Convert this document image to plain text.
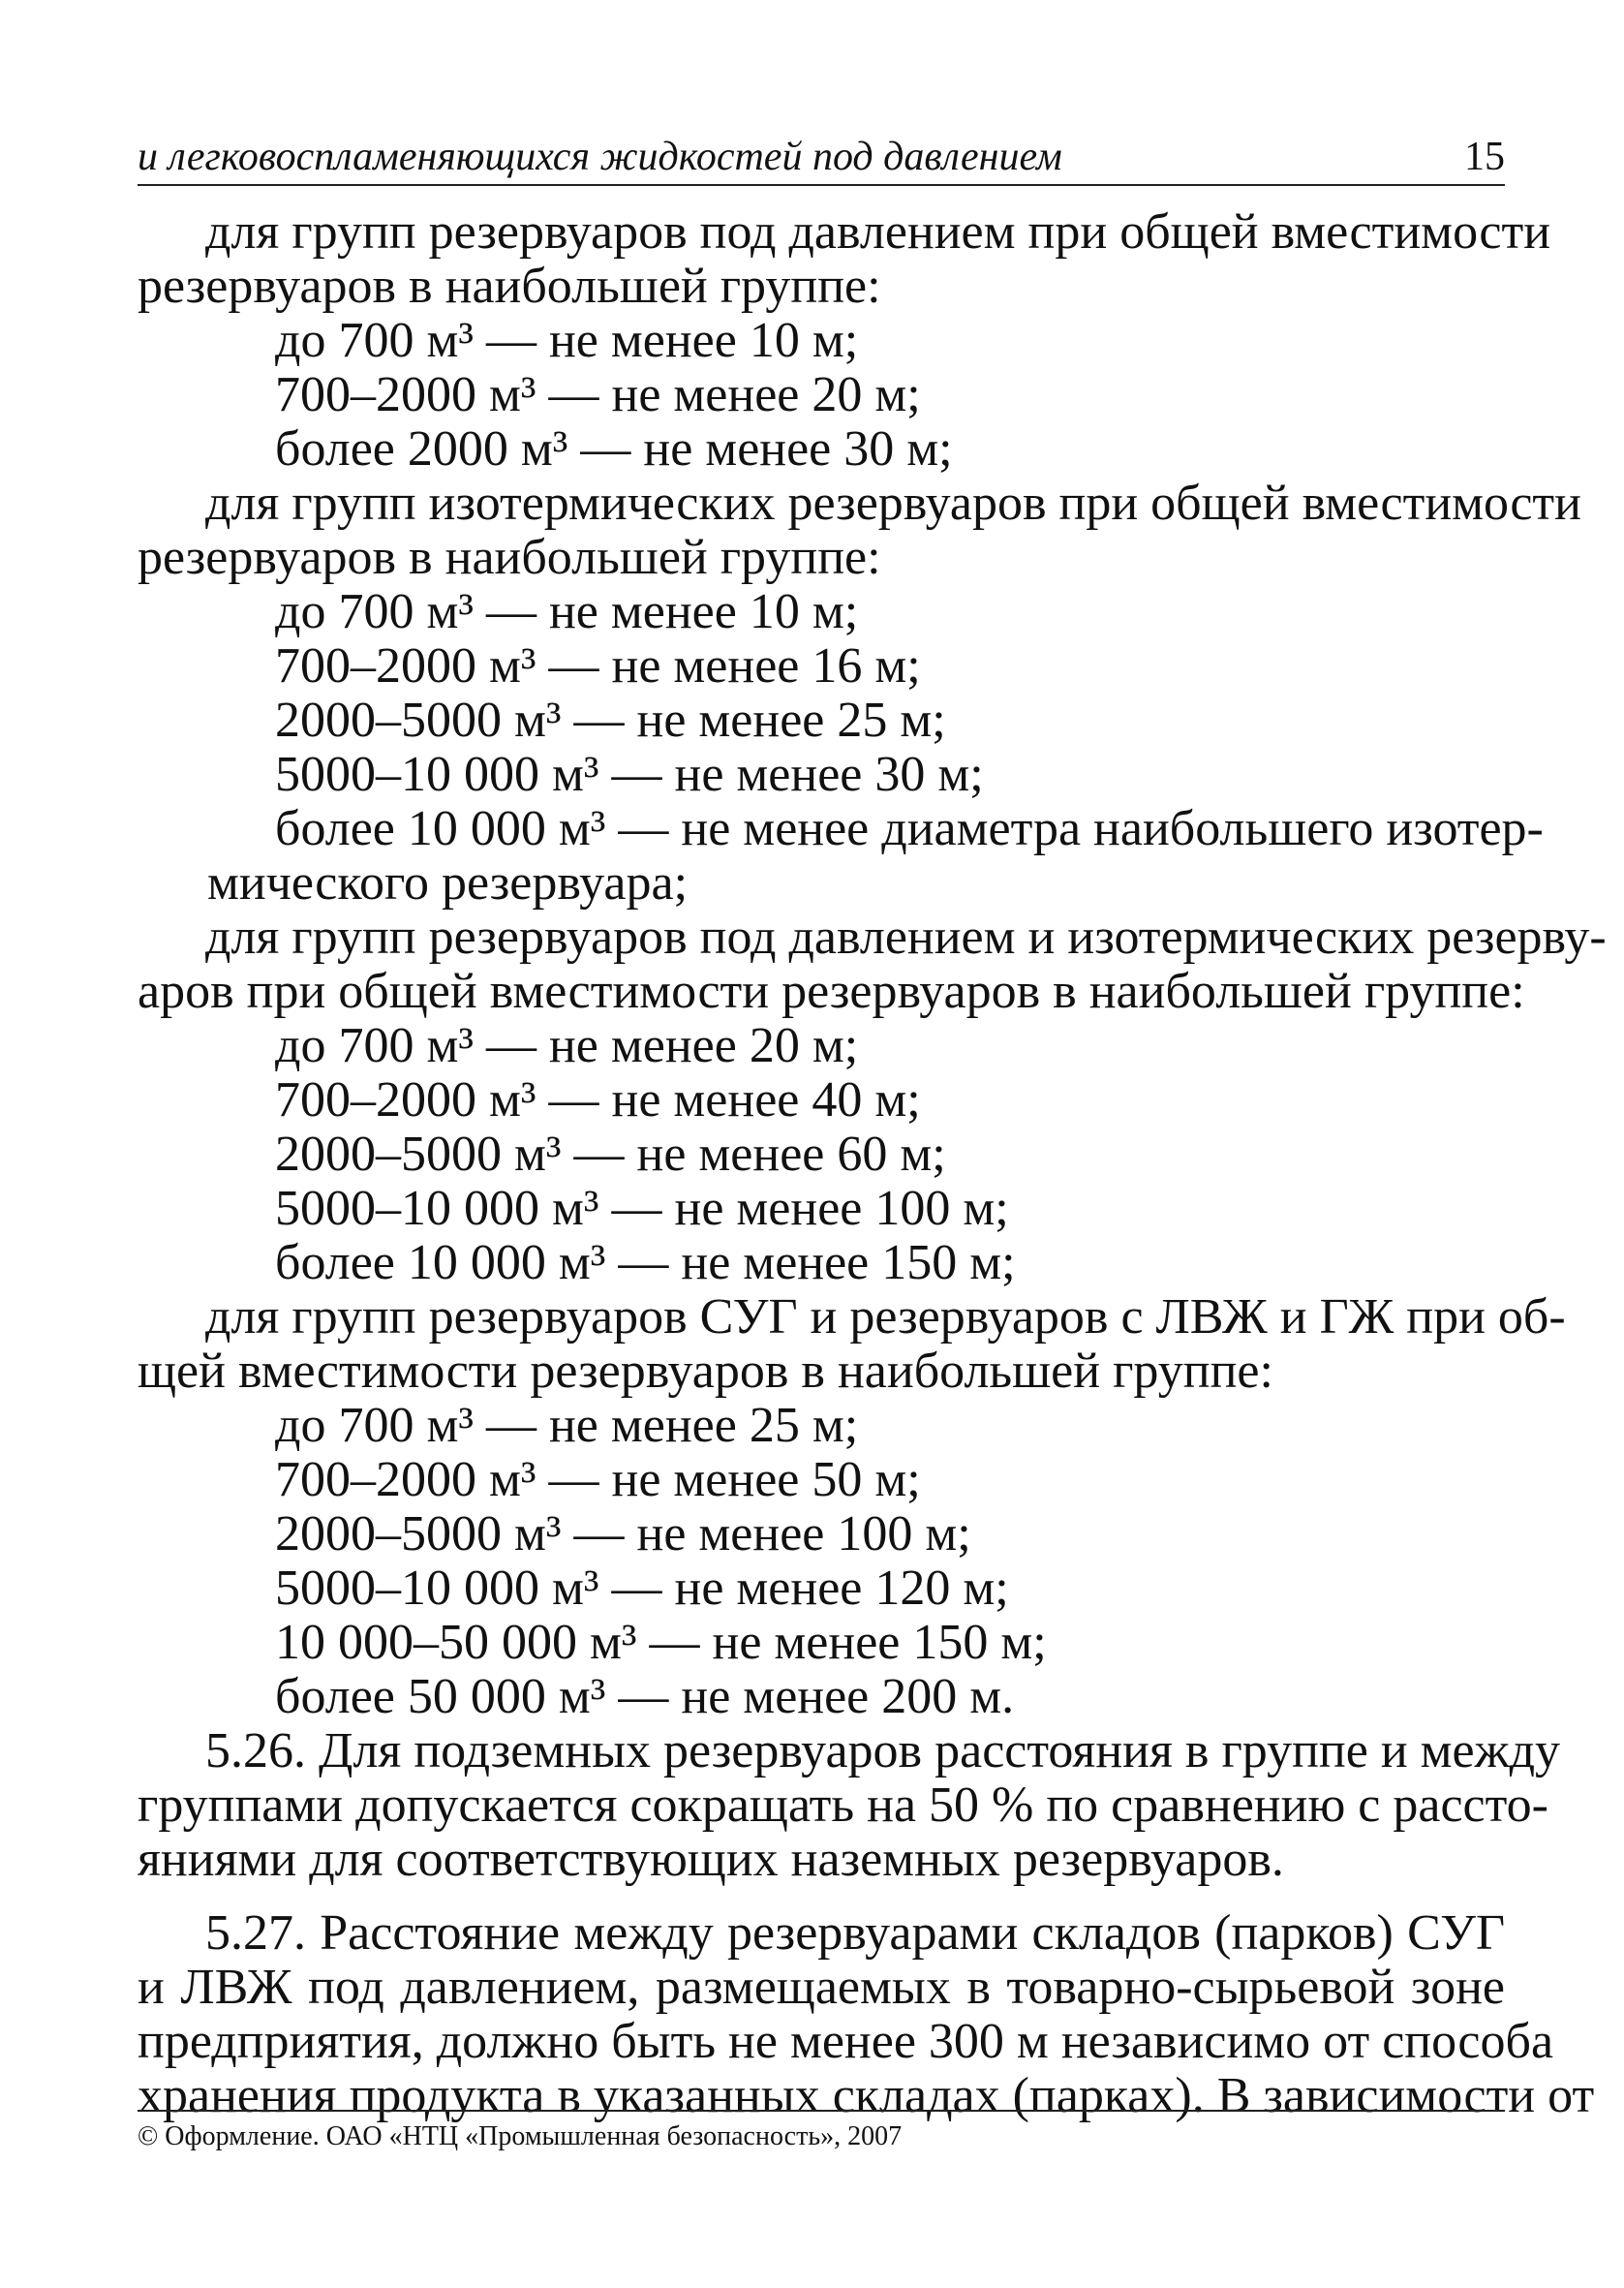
и легковоспламеняющихся жидкостей под давлением	15
для групп резервуаров под давлением при общей вместимости
резервуаров в наибольшей группе:
до 700 м³ — не менее 10 м;
700–2000 м³ — не менее 20 м;
более 2000 м³ — не менее 30 м;
для групп изотермических резервуаров при общей вместимости
резервуаров в наибольшей группе:
до 700 м³ — не менее 10 м;
700–2000 м³ — не менее 16 м;
2000–5000 м³ — не менее 25 м;
5000–10 000 м³ — не менее 30 м;
более 10 000 м³ — не менее диаметра наибольшего изотер-
мического резервуара;
для групп резервуаров под давлением и изотермических резерву-
аров при общей вместимости резервуаров в наибольшей группе:
до 700 м³ — не менее 20 м;
700–2000 м³ — не менее 40 м;
2000–5000 м³ — не менее 60 м;
5000–10 000 м³ — не менее 100 м;
более 10 000 м³ — не менее 150 м;
для групп резервуаров СУГ и резервуаров с ЛВЖ и ГЖ при об-
щей вместимости резервуаров в наибольшей группе:
до 700 м³ — не менее 25 м;
700–2000 м³ — не менее 50 м;
2000–5000 м³ — не менее 100 м;
5000–10 000 м³ — не менее 120 м;
10 000–50 000 м³ — не менее 150 м;
более 50 000 м³ — не менее 200 м.
5.26. Для подземных резервуаров расстояния в группе и между
группами допускается сокращать на 50 % по сравнению с рассто-
яниями для соответствующих наземных резервуаров.
5.27. Расстояние между резервуарами складов (парков) СУГ
и ЛВЖ под давлением, размещаемых в товарно-сырьевой зоне
предприятия, должно быть не менее 300 м независимо от способа
хранения продукта в указанных складах (парках). В зависимости от
© Оформление. ОАО «НТЦ «Промышленная безопасность», 2007
